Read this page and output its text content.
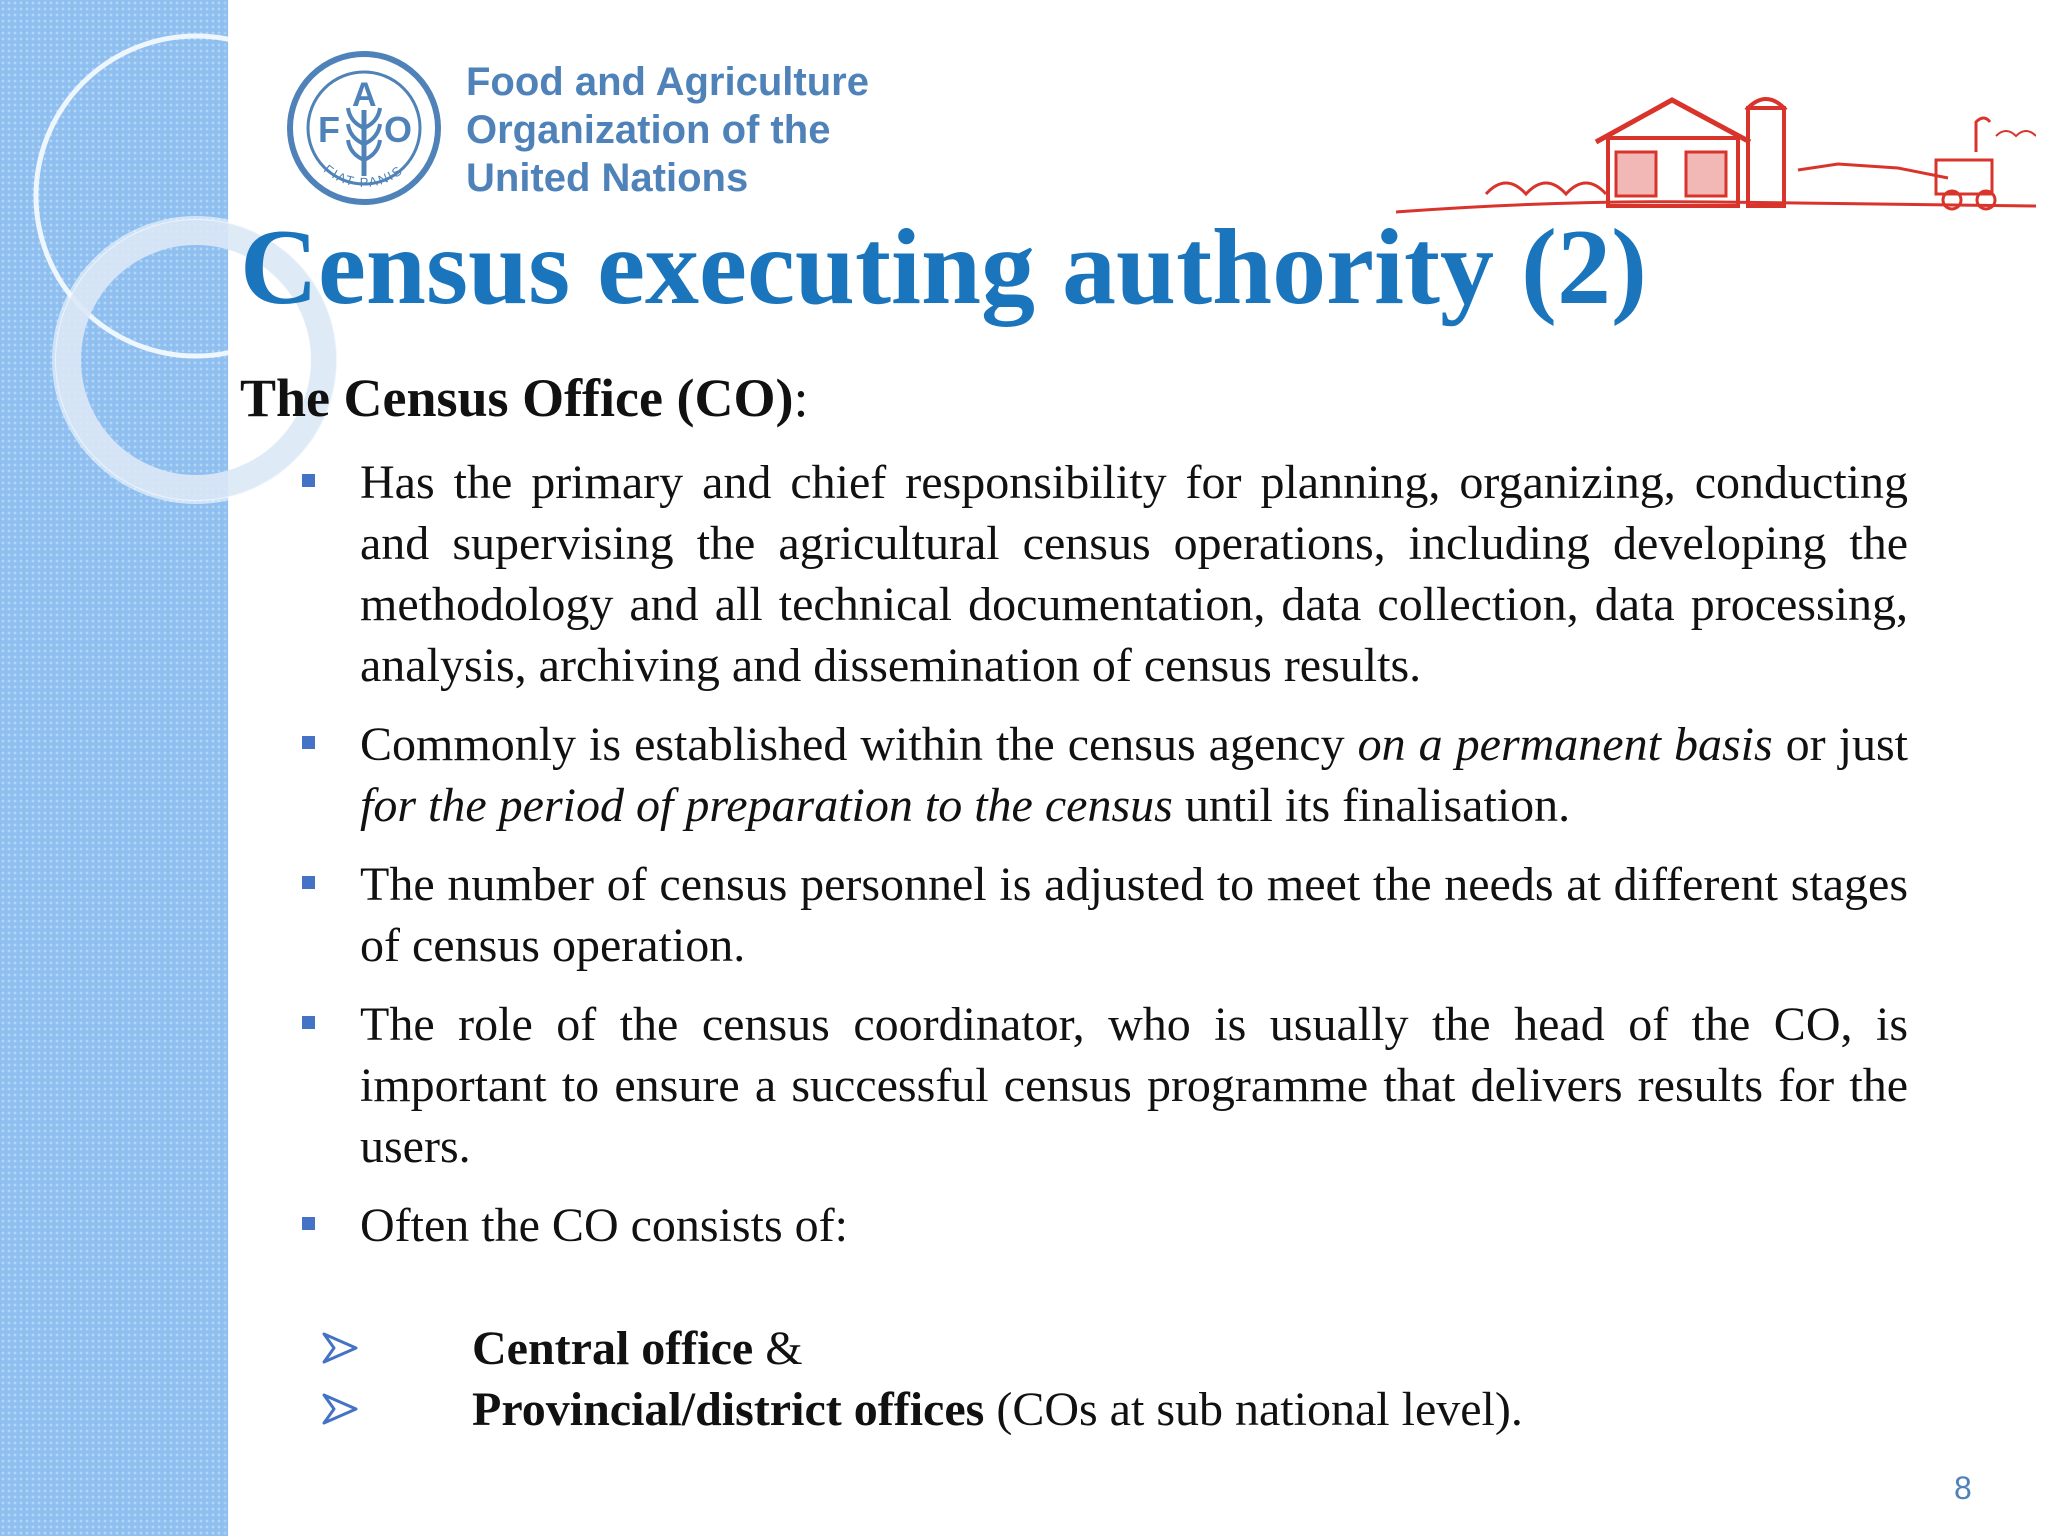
F
A
O
FIAT PANIS
Food and Agriculture
Organization of the
United Nations
Census executing authority (2)
The Census Office (CO):
Has the primary and chief responsibility for planning, organizing, conducting and supervising the agricultural census operations, including developing the methodology and all technical documentation, data collection, data processing, analysis, archiving and dissemination of census results.
Commonly is established within the census agency on a permanent basis or just for the period of preparation to the census until its finalisation.
The number of census personnel is adjusted to meet the needs at different stages of census operation.
The role of the census coordinator, who is usually the head of the CO, is important to ensure a successful census programme that delivers results for the users.
Often the CO consists of:
Central office &
Provincial/district offices (COs at sub national level).
8
